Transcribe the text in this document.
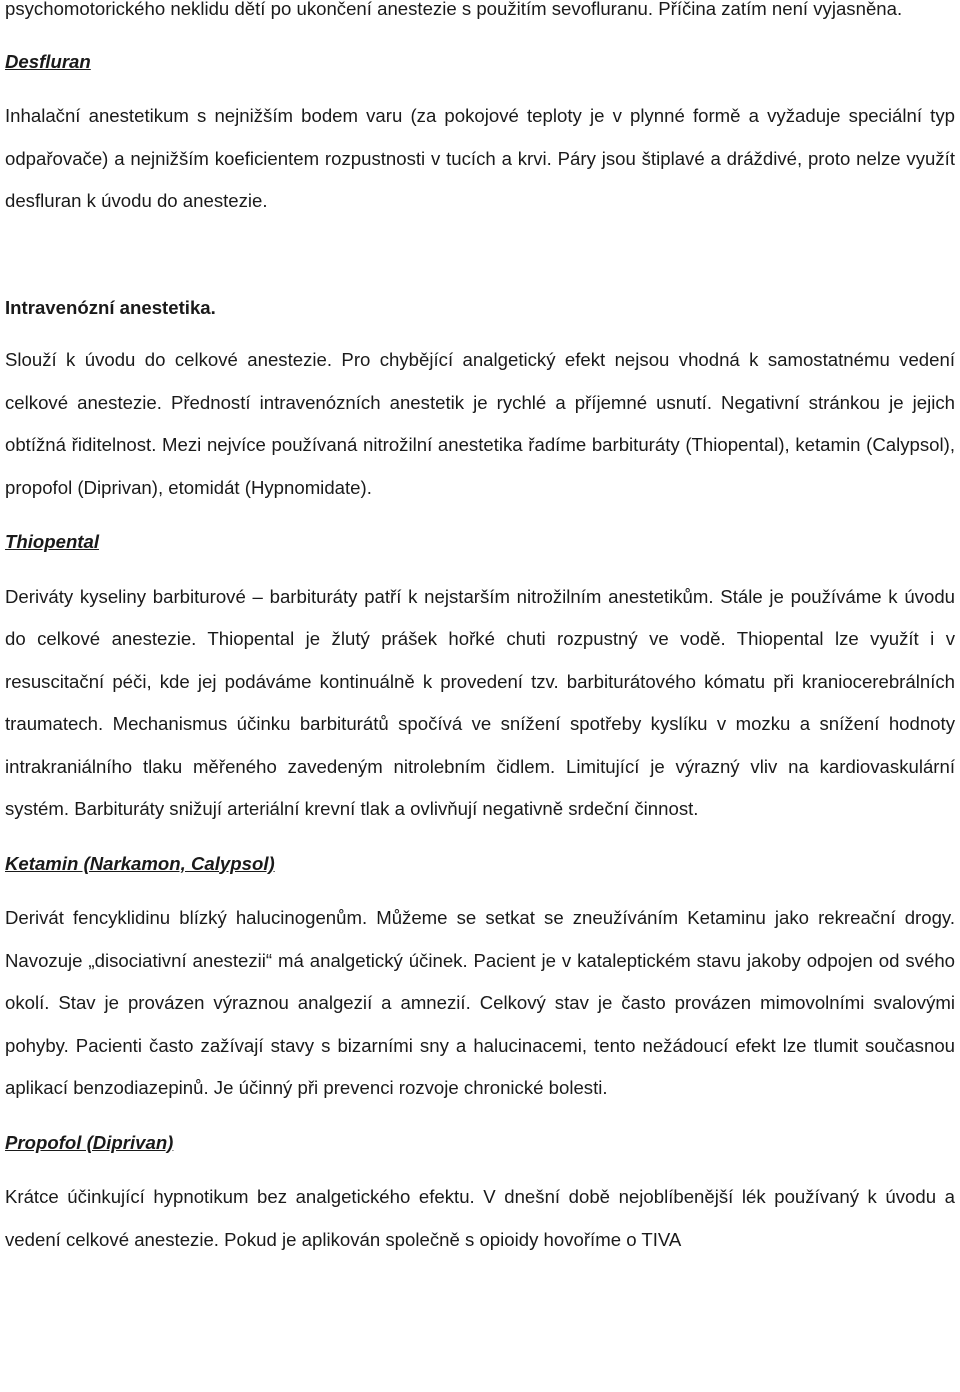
psychomotorického neklidu dětí po ukončení anestezie s použitím sevofluranu. Příčina zatím není vyjasněna.

Desfluran

Inhalační anestetikum s nejnižším bodem varu (za pokojové teploty je v plynné formě a vyžaduje speciální typ odpařovače) a nejnižším koeficientem rozpustnosti v tucích a krvi. Páry jsou štiplavé a dráždivé, proto nelze využít desfluran k úvodu do anestezie.

Intravenózní anestetika.

Slouží k úvodu do celkové anestezie. Pro chybějící analgetický efekt nejsou vhodná k samostatnému vedení celkové anestezie. Předností intravenózních anestetik je rychlé a příjemné usnutí. Negativní stránkou je jejich obtížná řiditelnost. Mezi nejvíce používaná nitrožilní anestetika řadíme barbituráty (Thiopental), ketamin (Calypsol), propofol (Diprivan), etomidát (Hypnomidate).

Thiopental

Deriváty kyseliny barbiturové – barbituráty patří k nejstarším nitrožilním anestetikům. Stále je používáme k úvodu do celkové anestezie. Thiopental je žlutý prášek hořké chuti rozpustný ve vodě. Thiopental lze využít i v resuscitační péči, kde jej podáváme kontinuálně k provedení tzv. barbiturátového kómatu při kraniocerebrálních traumatech. Mechanismus účinku barbiturátů spočívá ve snížení spotřeby kyslíku v mozku a snížení hodnoty intrakraniálního tlaku měřeného zavedeným nitrolebním čidlem. Limitující je výrazný vliv na kardiovaskulární systém. Barbituráty snižují arteriální krevní tlak a ovlivňují negativně srdeční činnost.

Ketamin (Narkamon, Calypsol)

Derivát fencyklidinu blízký halucinogenům. Můžeme se setkat se zneužíváním Ketaminu jako rekreační drogy. Navozuje „disociativní anestezii“ má analgetický účinek. Pacient je v kataleptickém stavu jakoby odpojen od svého okolí. Stav je provázen výraznou analgezií a amnezií. Celkový stav je často provázen mimovolními svalovými pohyby. Pacienti často zažívají stavy s bizarními sny a halucinacemi, tento nežádoucí efekt lze tlumit současnou aplikací benzodiazepinů. Je účinný při prevenci rozvoje chronické bolesti.

Propofol (Diprivan)

Krátce účinkující hypnotikum bez analgetického efektu. V dnešní době nejoblíbenější lék používaný k úvodu a vedení celkové anestezie. Pokud je aplikován společně s opioidy hovoříme o TIVA
